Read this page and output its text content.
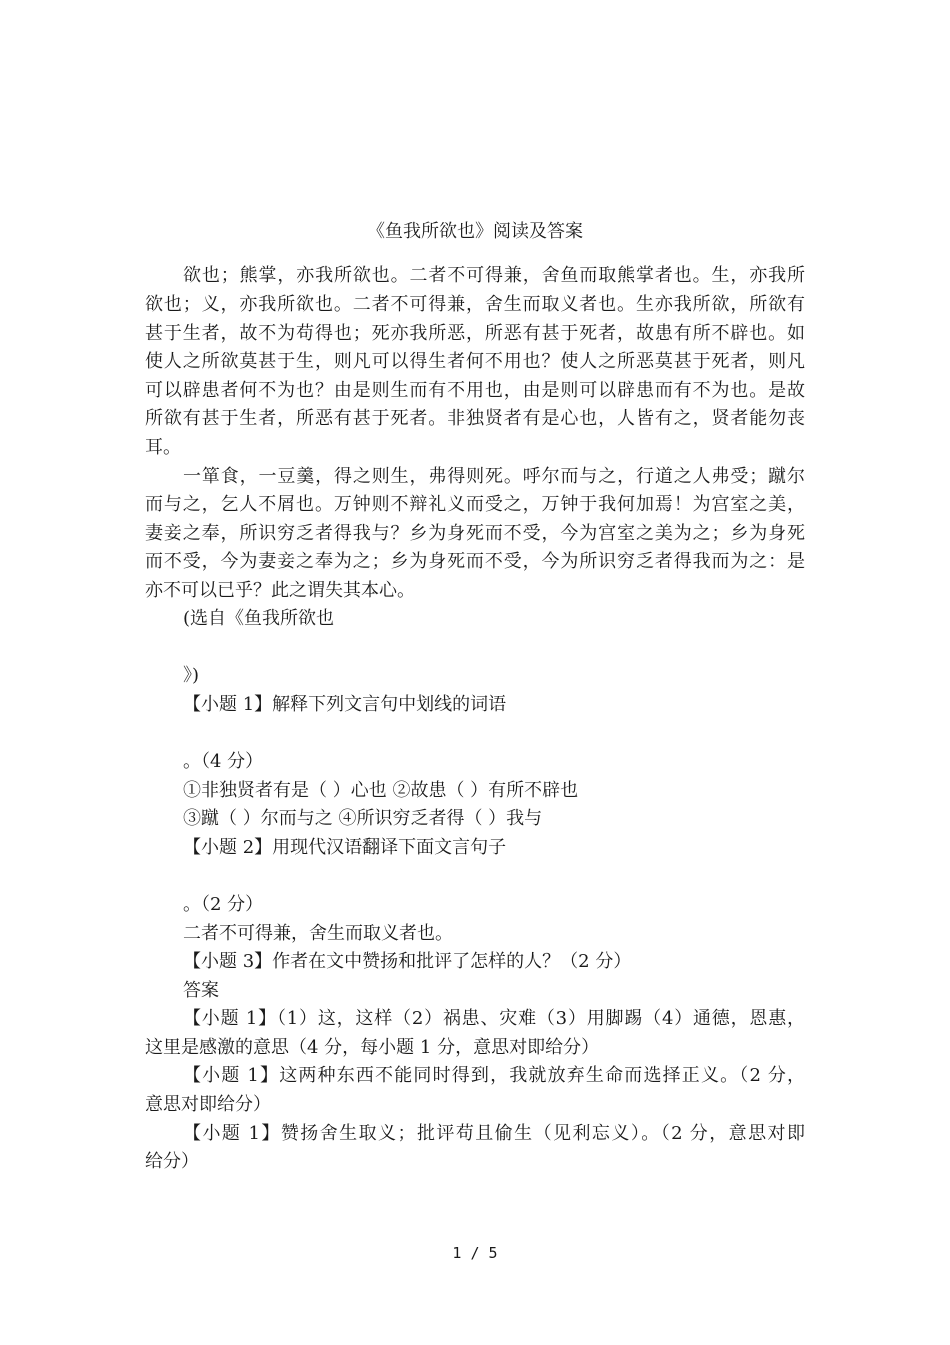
《鱼我所欲也》阅读及答案
欲也；熊掌，亦我所欲也。二者不可得兼，舍鱼而取熊掌者也。生，亦我所
欲也；义，亦我所欲也。二者不可得兼，舍生而取义者也。生亦我所欲，所欲有
甚于生者，故不为苟得也；死亦我所恶，所恶有甚于死者，故患有所不辟也。如
使人之所欲莫甚于生，则凡可以得生者何不用也？使人之所恶莫甚于死者，则凡
可以辟患者何不为也？由是则生而有不用也，由是则可以辟患而有不为也。是故
所欲有甚于生者，所恶有甚于死者。非独贤者有是心也，人皆有之，贤者能勿丧
耳。
一箪食，一豆羹，得之则生，弗得则死。呼尔而与之，行道之人弗受；蹴尔
而与之，乞人不屑也。万钟则不辩礼义而受之，万钟于我何加焉！为宫室之美，
妻妾之奉，所识穷乏者得我与？乡为身死而不受，今为宫室之美为之；乡为身死
而不受，今为妻妾之奉为之；乡为身死而不受，今为所识穷乏者得我而为之：是
亦不可以已乎？此之谓失其本心。
(选自《鱼我所欲也
》)
【小题 1】解释下列文言句中划线的词语
。（4 分）
①非独贤者有是（ ）心也 ②故患（ ）有所不辟也
③蹴（ ）尔而与之 ④所识穷乏者得（ ）我与
【小题 2】用现代汉语翻译下面文言句子
。（2 分）
二者不可得兼，舍生而取义者也。
【小题 3】作者在文中赞扬和批评了怎样的人？（2 分）
答案
【小题 1】（1）这，这样（2）祸患、灾难（3）用脚踢（4）通德，恩惠，
这里是感激的意思（4 分，每小题 1 分，意思对即给分）
【小题 1】这两种东西不能同时得到，我就放弃生命而选择正义。（2 分，
意思对即给分）
【小题 1】赞扬舍生取义；批评苟且偷生（见利忘义）。（2 分，意思对即
给分）
1 / 5
